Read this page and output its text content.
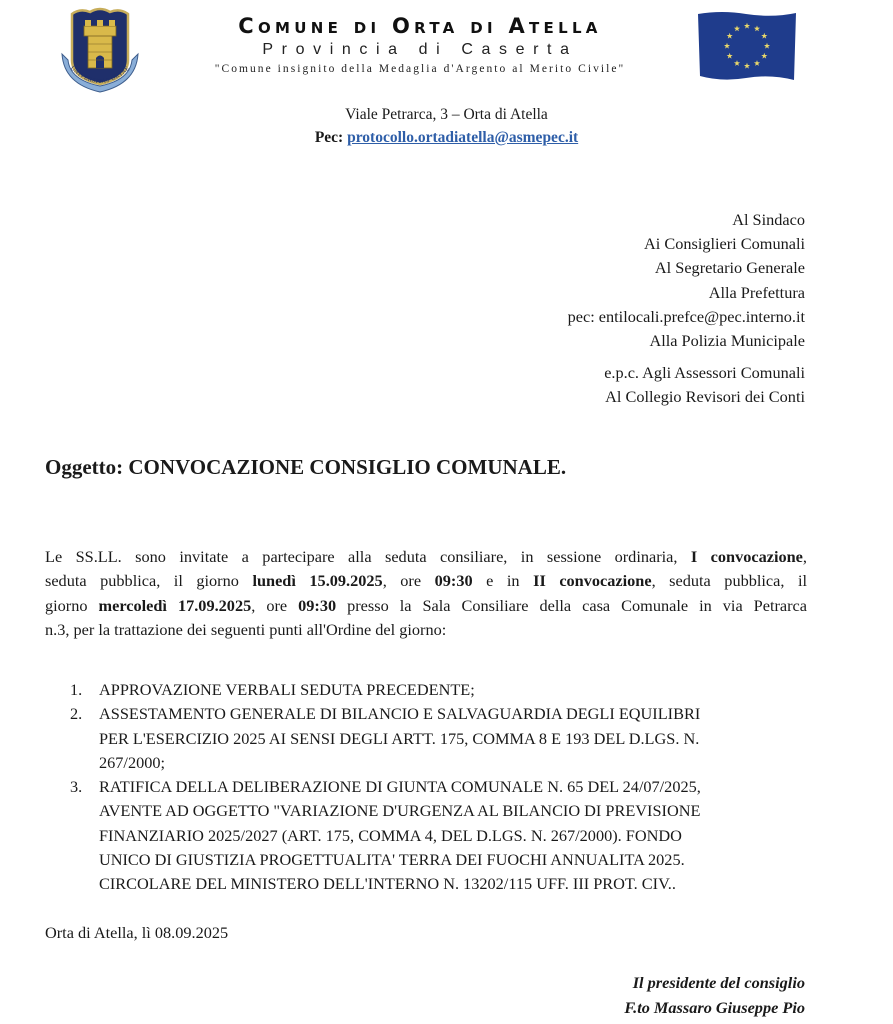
UNIVERSITAS ORTAE
Comune di Orta di Atella
Provincia di Caserta
"Comune insignito della Medaglia d'Argento al Merito Civile"
Viale Petrarca, 3 – Orta di Atella
Pec: protocollo.ortadiatella@asmepec.it
Al Sindaco
Ai Consiglieri Comunali
Al Segretario Generale
Alla Prefettura
pec: entilocali.prefce@pec.interno.it
Alla Polizia Municipale
e.p.c. Agli Assessori Comunali
Al Collegio Revisori dei Conti
Oggetto: CONVOCAZIONE CONSIGLIO COMUNALE.
Le SS.LL. sono invitate a partecipare alla seduta consiliare, in sessione ordinaria, I convocazione,
seduta pubblica, il giorno lunedì 15.09.2025, ore 09:30 e in II convocazione, seduta pubblica, il
giorno mercoledì 17.09.2025, ore 09:30 presso la Sala Consiliare della casa Comunale in via Petrarca
n.3, per la trattazione dei seguenti punti all'Ordine del giorno:
1. APPROVAZIONE VERBALI SEDUTA PRECEDENTE;
2. ASSESTAMENTO GENERALE DI BILANCIO E SALVAGUARDIA DEGLI EQUILIBRI
PER L'ESERCIZIO 2025 AI SENSI DEGLI ARTT. 175, COMMA 8 E 193 DEL D.LGS. N.
267/2000;
3. RATIFICA DELLA DELIBERAZIONE DI GIUNTA COMUNALE N. 65 DEL 24/07/2025,
AVENTE AD OGGETTO "VARIAZIONE D'URGENZA AL BILANCIO DI PREVISIONE
FINANZIARIO 2025/2027 (ART. 175, COMMA 4, DEL D.LGS. N. 267/2000). FONDO
UNICO DI GIUSTIZIA PROGETTUALITA' TERRA DEI FUOCHI ANNUALITA 2025.
CIRCOLARE DEL MINISTERO DELL'INTERNO N. 13202/115 UFF. III PROT. CIV..
Orta di Atella, lì 08.09.2025
Il presidente del consiglio
F.to Massaro Giuseppe Pio
